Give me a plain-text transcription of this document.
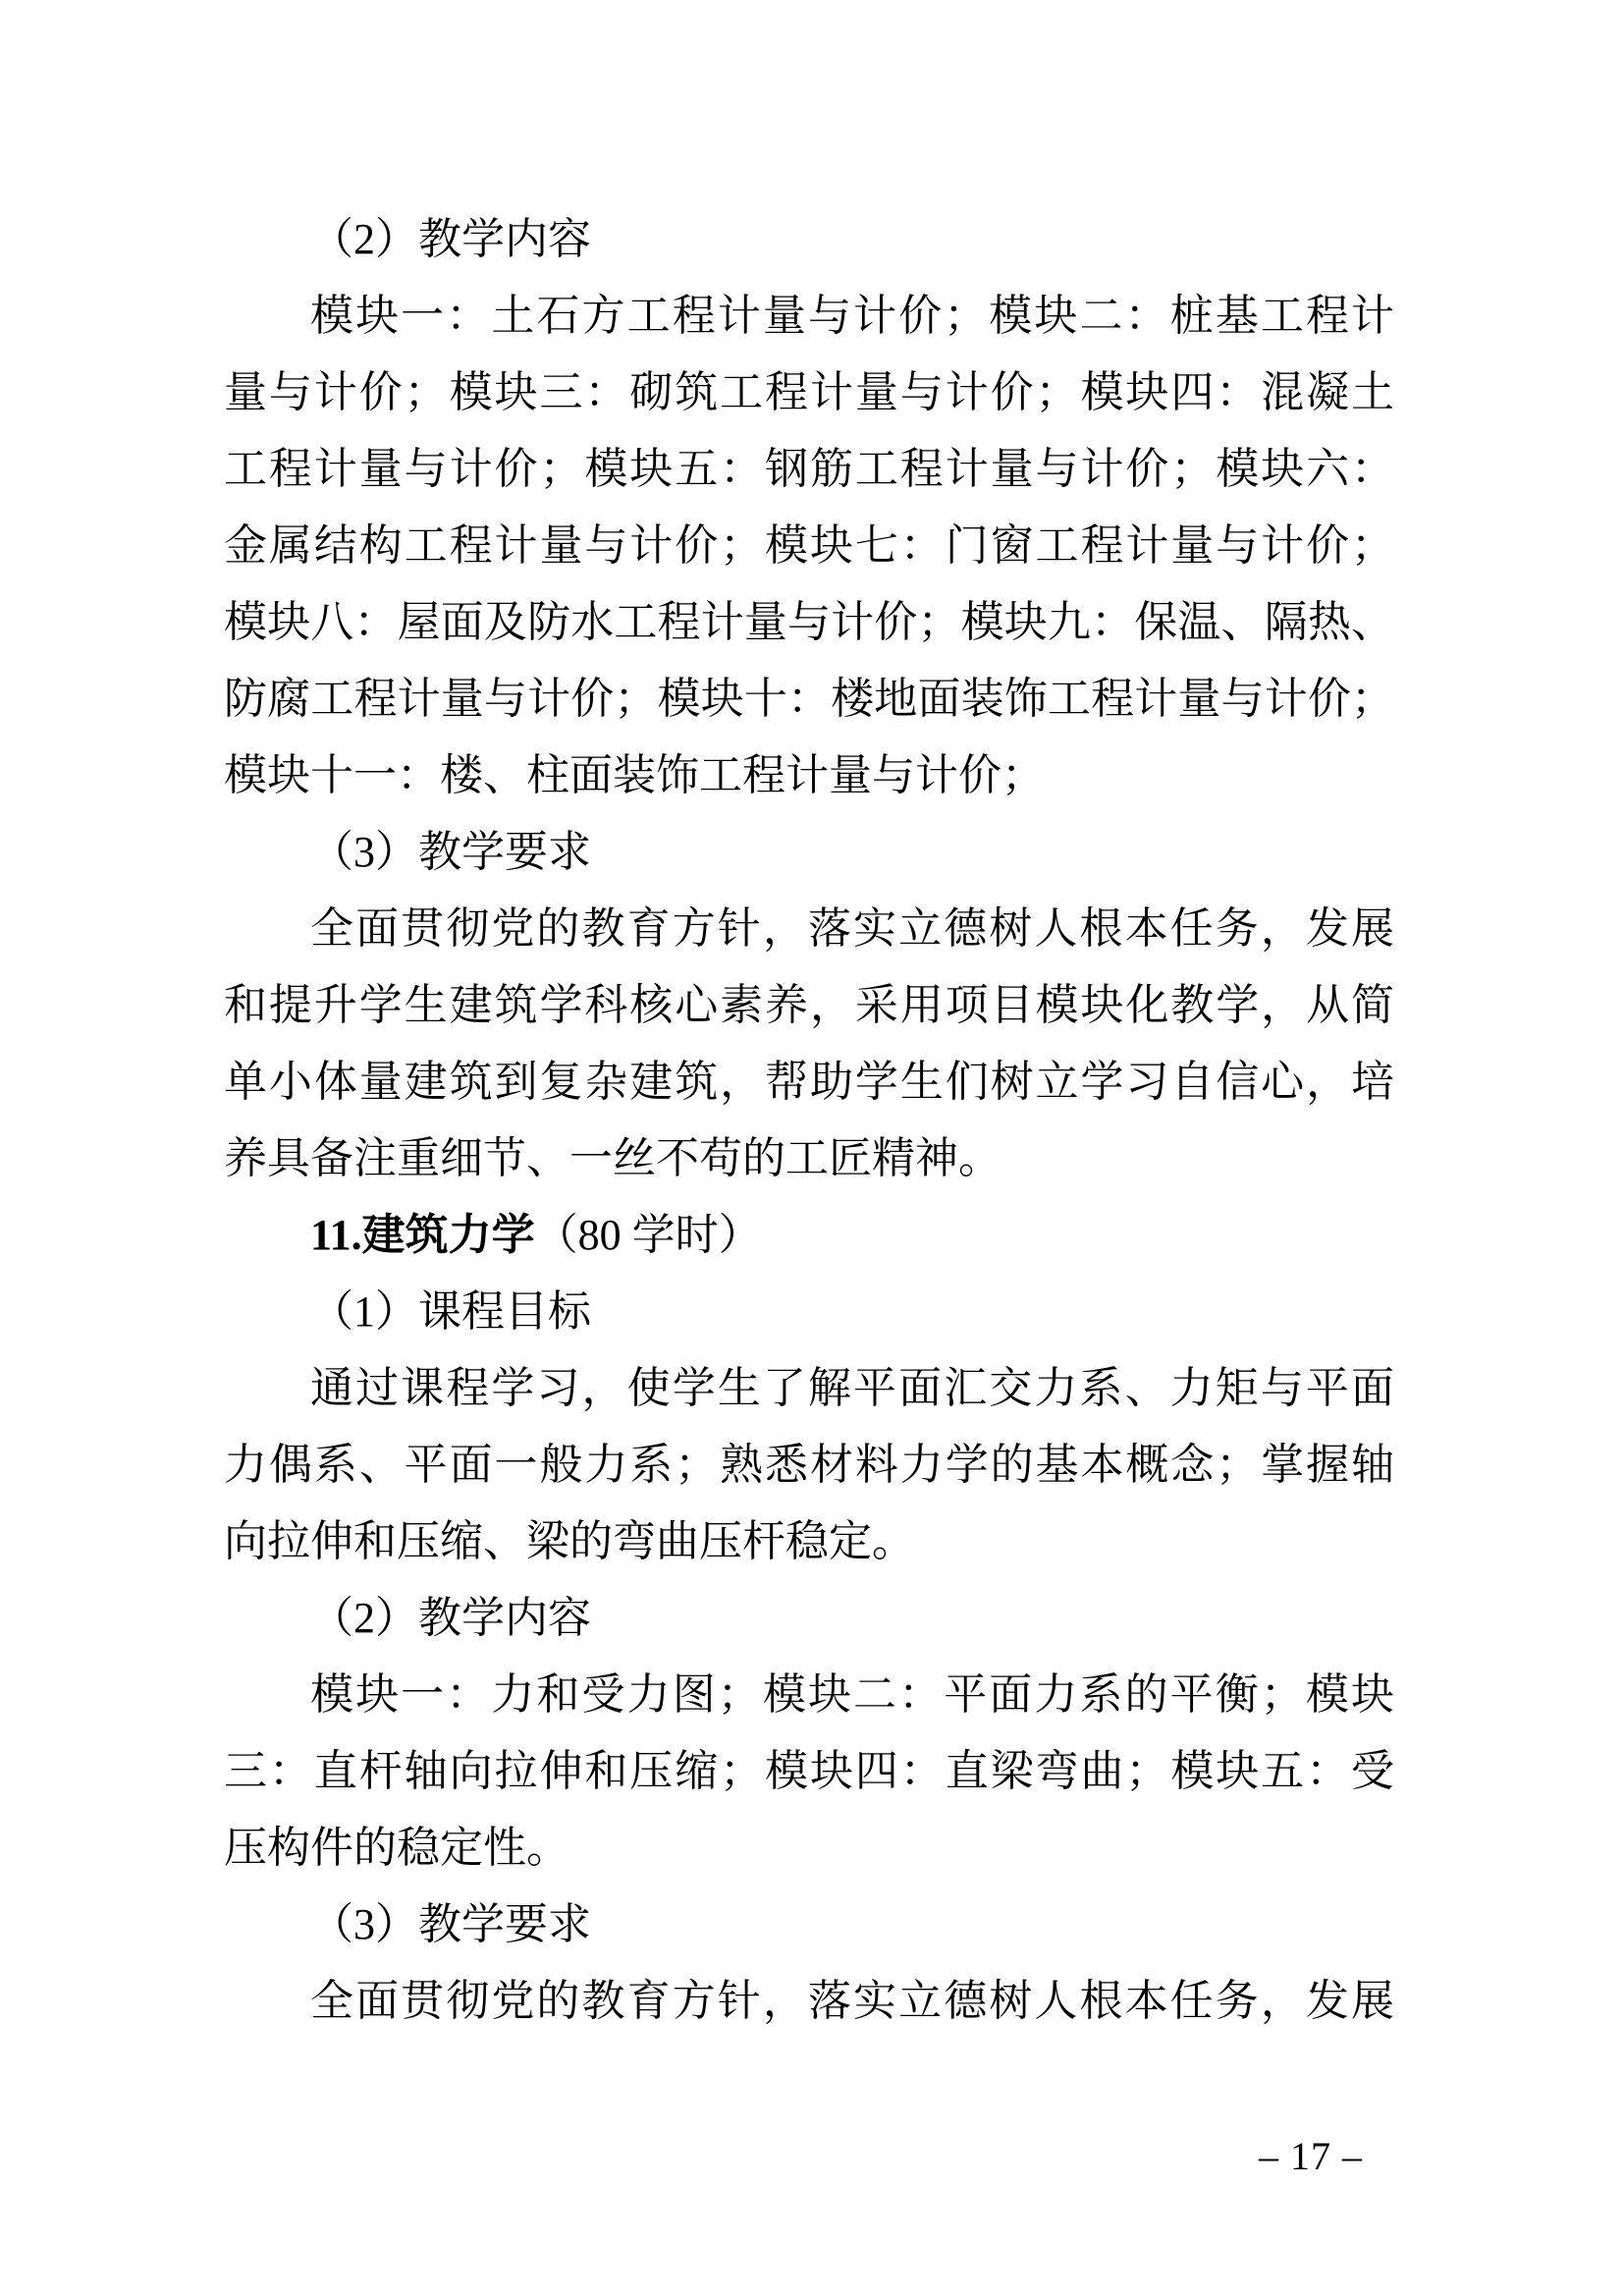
（2）教学内容
模块一：土石方工程计量与计价；模块二：桩基工程计
量与计价；模块三：砌筑工程计量与计价；模块四：混凝土
工程计量与计价；模块五：钢筋工程计量与计价；模块六：
金属结构工程计量与计价；模块七：门窗工程计量与计价；
模块八：屋面及防水工程计量与计价；模块九：保温、隔热、
防腐工程计量与计价；模块十：楼地面装饰工程计量与计价；
模块十一：楼、柱面装饰工程计量与计价；
（3）教学要求
全面贯彻党的教育方针，落实立德树人根本任务，发展
和提升学生建筑学科核心素养，采用项目模块化教学，从简
单小体量建筑到复杂建筑，帮助学生们树立学习自信心，培
养具备注重细节、一丝不苟的工匠精神。
11.建筑力学（80 学时）
（1）课程目标
通过课程学习，使学生了解平面汇交力系、力矩与平面
力偶系、平面一般力系；熟悉材料力学的基本概念；掌握轴
向拉伸和压缩、梁的弯曲压杆稳定。
（2）教学内容
模块一：力和受力图；模块二：平面力系的平衡；模块
三：直杆轴向拉伸和压缩；模块四：直梁弯曲；模块五：受
压构件的稳定性。
（3）教学要求
全面贯彻党的教育方针，落实立德树人根本任务，发展
– 17 –
